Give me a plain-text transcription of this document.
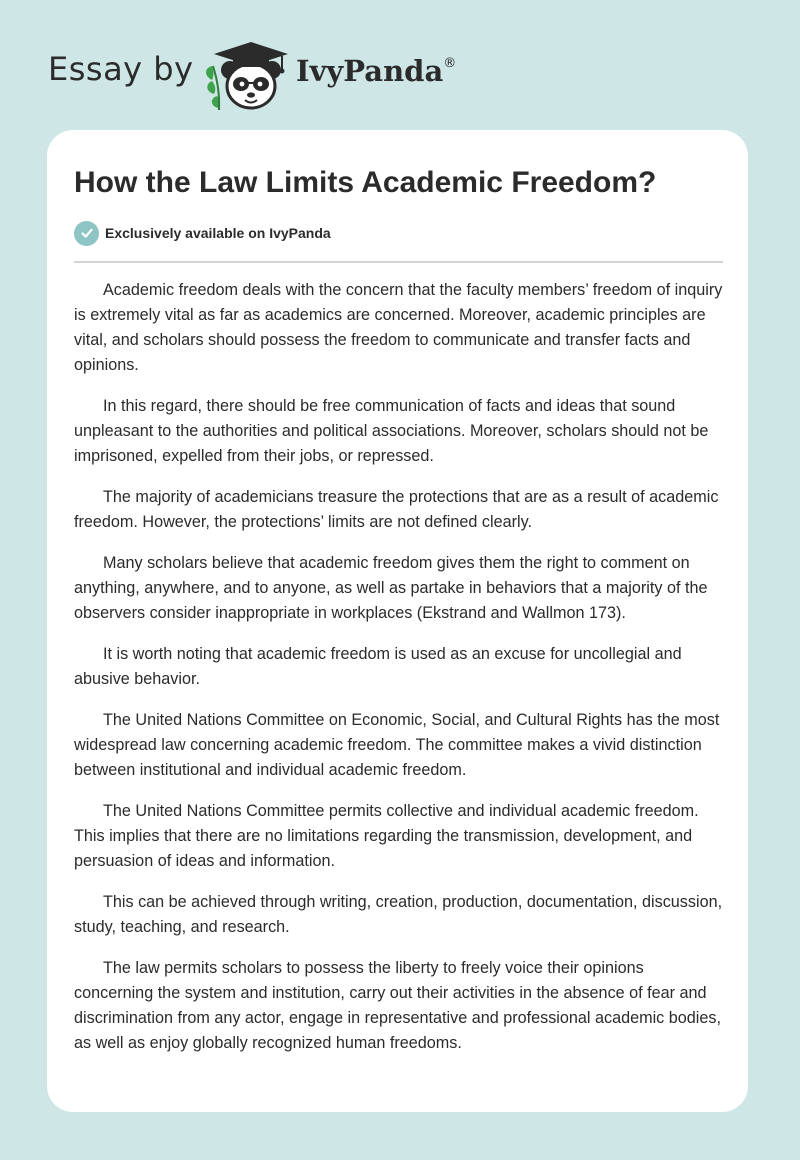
Essay by	IvyPanda®
How the Law Limits Academic Freedom?
Exclusively available on IvyPanda

Academic freedom deals with the concern that the faculty members’ freedom of inquiry is extremely vital as far as academics are concerned. Moreover, academic principles are vital, and scholars should possess the freedom to communicate and transfer facts and opinions.

In this regard, there should be free communication of facts and ideas that sound unpleasant to the authorities and political associations. Moreover, scholars should not be imprisoned, expelled from their jobs, or repressed.

The majority of academicians treasure the protections that are as a result of academic freedom. However, the protections’ limits are not defined clearly.

Many scholars believe that academic freedom gives them the right to comment on anything, anywhere, and to anyone, as well as partake in behaviors that a majority of the observers consider inappropriate in workplaces (Ekstrand and Wallmon 173).

It is worth noting that academic freedom is used as an excuse for uncollegial and abusive behavior.

The United Nations Committee on Economic, Social, and Cultural Rights has the most widespread law concerning academic freedom. The committee makes a vivid distinction between institutional and individual academic freedom.

The United Nations Committee permits collective and individual academic freedom. This implies that there are no limitations regarding the transmission, development, and persuasion of ideas and information.

This can be achieved through writing, creation, production, documentation, discussion, study, teaching, and research.

The law permits scholars to possess the liberty to freely voice their opinions concerning the system and institution, carry out their activities in the absence of fear and discrimination from any actor, engage in representative and professional academic bodies, as well as enjoy globally recognized human freedoms.
